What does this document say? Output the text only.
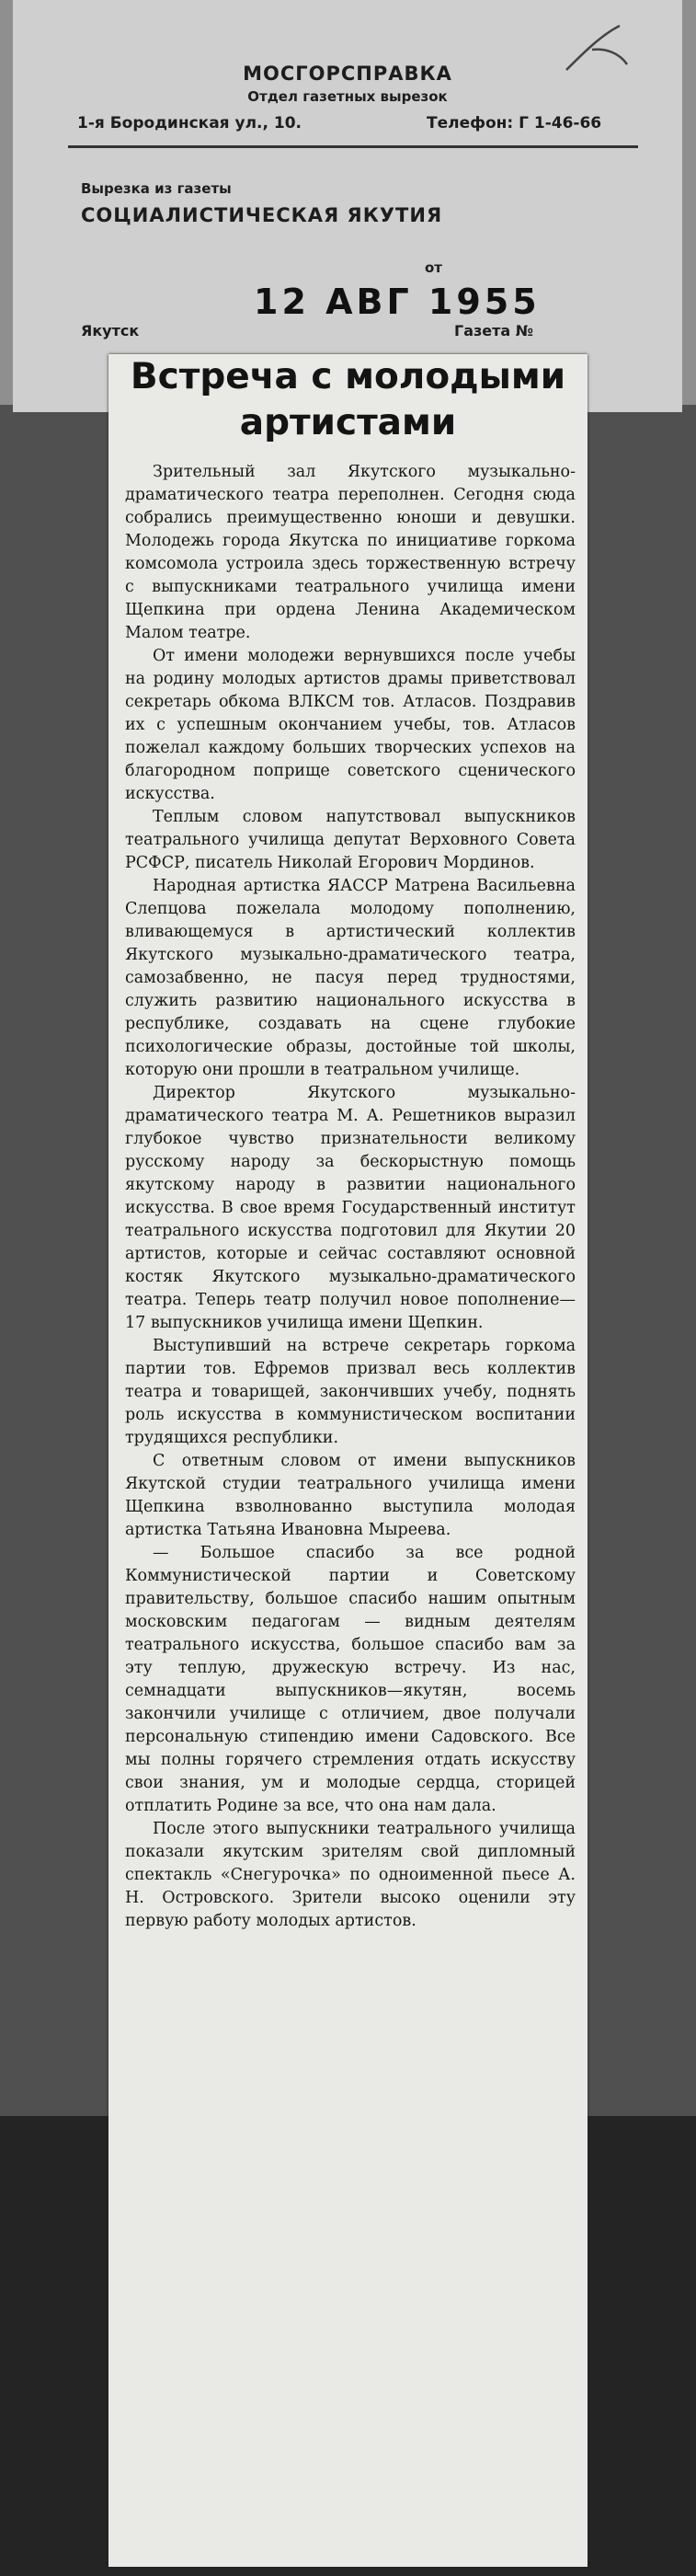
МОСГОРСПРАВКА
Отдел газетных вырезок
1-я Бородинская ул., 10.	Телефон: Г 1-46-66
Вырезка из газеты
СОЦИАЛИСТИЧЕСКАЯ ЯКУТИЯ
от
12 АВГ 1955
Якутск	Газета №
Встреча с молодыми артистами

Зрительный зал Якутского музыкально-драматического театра переполнен. Сегодня сюда собрались преимущественно юноши и девушки. Молодежь города Якутска по инициативе горкома комсомола устроила здесь торжественную встречу с выпускниками театрального училища имени Щепкина при ордена Ленина Академическом Малом театре.

От имени молодежи вернувшихся после учебы на родину молодых артистов драмы приветствовал секретарь обкома ВЛКСМ тов. Атласов. Поздравив их с успешным окончанием учебы, тов. Атласов пожелал каждому больших творческих успехов на благородном поприще советского сценического искусства.

Теплым словом напутствовал выпускников театрального училища депутат Верховного Совета РСФСР, писатель Николай Егорович Мординов.

Народная артистка ЯАССР Матрена Васильевна Слепцова пожелала молодому пополнению, вливающемуся в артистический коллектив Якутского музыкально-драматического театра, самозабвенно, не пасуя перед трудностями, служить развитию национального искусства в республике, создавать на сцене глубокие психологические образы, достойные той школы, которую они прошли в театральном училище.

Директор Якутского музыкально-драматического театра М. А. Решетников выразил глубокое чувство признательности великому русскому народу за бескорыстную помощь якутскому народу в развитии национального искусства. В свое время Государственный институт театрального искусства подготовил для Якутии 20 артистов, которые и сейчас составляют основной костяк Якутского музыкально-драматического театра. Теперь театр получил новое пополнение—17 выпускников училища имени Щепкин.

Выступивший на встрече секретарь горкома партии тов. Ефремов призвал весь коллектив театра и товарищей, закончивших учебу, поднять роль искусства в коммунистическом воспитании трудящихся республики.

С ответным словом от имени выпускников Якутской студии театрального училища имени Щепкина взволнованно выступила молодая артистка Татьяна Ивановна Мыреева.

— Большое спасибо за все родной Коммунистической партии и Советскому правительству, большое спасибо нашим опытным московским педагогам — видным деятелям театрального искусства, большое спасибо вам за эту теплую, дружескую встречу. Из нас, семнадцати выпускников—якутян, восемь закончили училище с отличием, двое получали персональную стипендию имени Садовского. Все мы полны горячего стремления отдать искусству свои знания, ум и молодые сердца, сторицей отплатить Родине за все, что она нам дала.

После этого выпускники театрального училища показали якутским зрителям свой дипломный спектакль «Снегурочка» по одноименной пьесе А. Н. Островского. Зрители высоко оценили эту первую работу молодых артистов.
